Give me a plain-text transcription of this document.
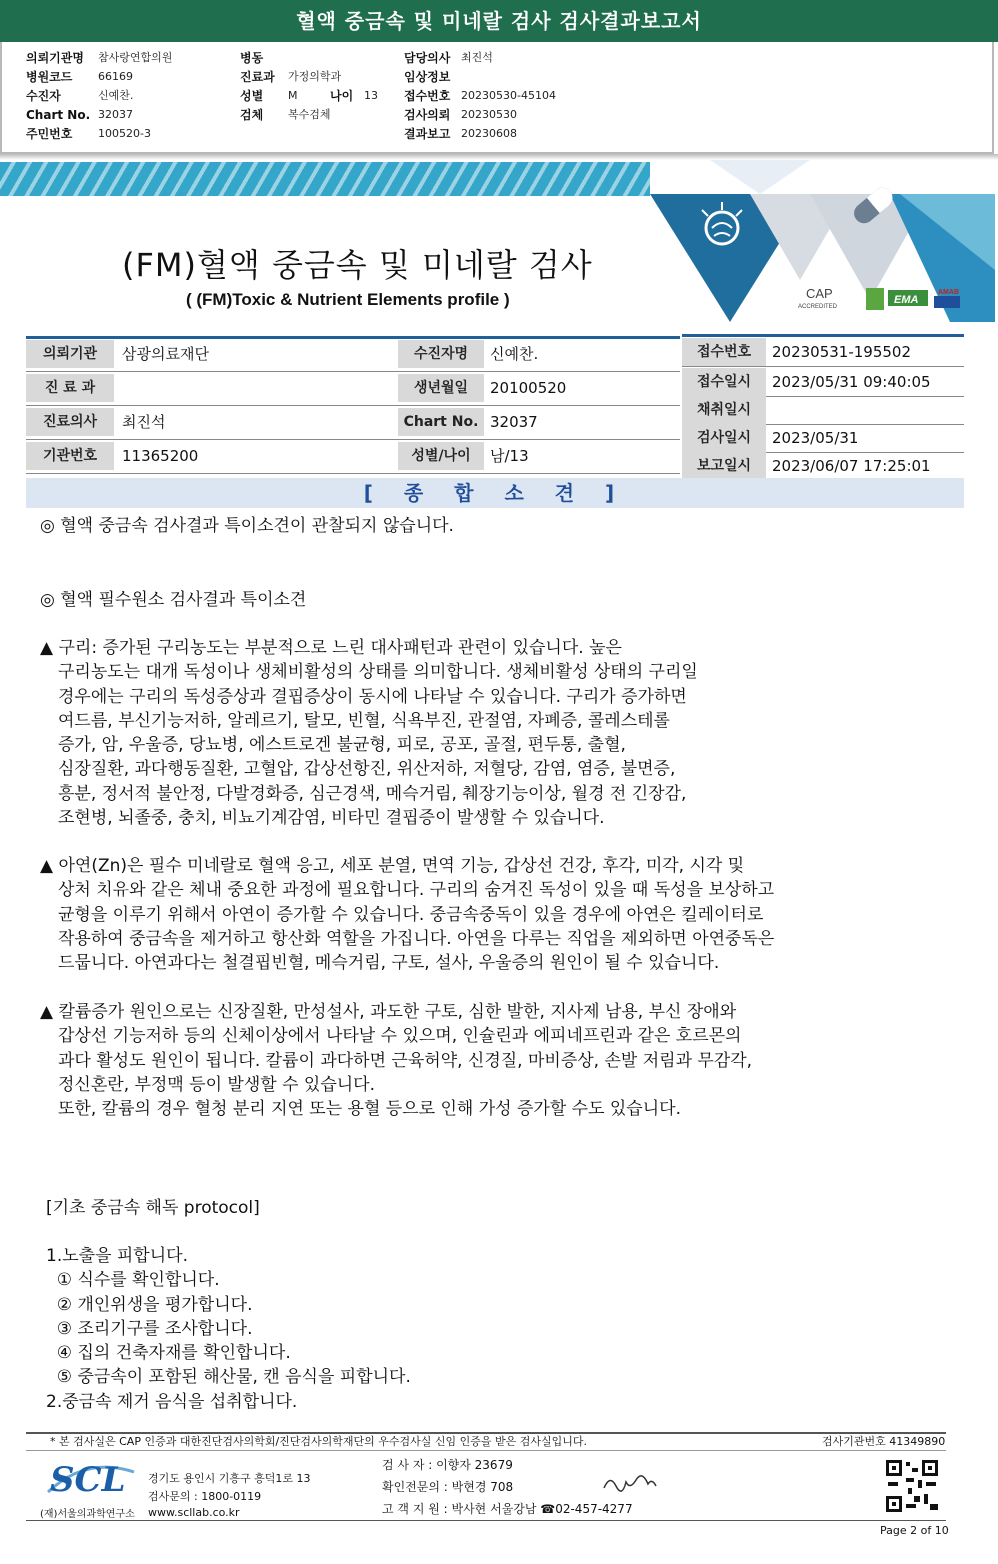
혈액 중금속 및 미네랄 검사 검사결과보고서
의뢰기관명 참사랑연합의원
병원코드 66169
수진자	신예찬.
Chart No. 32037
주민번호 100520-3
병동
진료과 가정의학과
성별 M
검체 복수검체
담당의사 최진석
임상정보
접수번호 20230530-45104
검사의뢰 20230530
결과보고 20230608
나이 13
CAP
ACCREDITED
EMA
AMAB
(FM)혈액 중금속 및 미네랄 검사
( (FM)Toxic & Nutrient Elements profile )
의뢰기관	삼광의료재단
진 료 과
진료의사	최진석
기관번호	11365200
수진자명	신예찬.
생년월일	20100520
Chart No. 32037
성별/나이	남/13
접수번호	20230531-195502
접수일시	2023/05/31 09:40:05
채취일시
검사일시	2023/05/31
보고일시	2023/06/07 17:25:01
[ 종 합 소 견 ]
◎ 혈액 중금속 검사결과 특이소견이 관찰되지 않습니다.
◎ 혈액 필수원소 검사결과 특이소견
▲ 구리: 증가된 구리농도는 부분적으로 느린 대사패턴과 관련이 있습니다. 높은
구리농도는 대개 독성이나 생체비활성의 상태를 의미합니다. 생체비활성 상태의 구리일
경우에는 구리의 독성증상과 결핍증상이 동시에 나타날 수 있습니다. 구리가 증가하면
여드름, 부신기능저하, 알레르기, 탈모, 빈혈, 식욕부진, 관절염, 자폐증, 콜레스테롤
증가, 암, 우울증, 당뇨병, 에스트로겐 불균형, 피로, 공포, 골절, 편두통, 출혈,
심장질환, 과다행동질환, 고혈압, 갑상선항진, 위산저하, 저혈당, 감염, 염증, 불면증,
흥분, 정서적 불안정, 다발경화증, 심근경색, 메슥거림, 췌장기능이상, 월경 전 긴장감,
조현병, 뇌졸중, 충치, 비뇨기계감염, 비타민 결핍증이 발생할 수 있습니다.
▲ 아연(Zn)은 필수 미네랄로 혈액 응고, 세포 분열, 면역 기능, 갑상선 건강, 후각, 미각, 시각 및
상처 치유와 같은 체내 중요한 과정에 필요합니다. 구리의 숨겨진 독성이 있을 때 독성을 보상하고
균형을 이루기 위해서 아연이 증가할 수 있습니다. 중금속중독이 있을 경우에 아연은 킬레이터로
작용하여 중금속을 제거하고 항산화 역할을 가집니다. 아연을 다루는 직업을 제외하면 아연중독은
드뭅니다. 아연과다는 철결핍빈혈, 메슥거림, 구토, 설사, 우울증의 원인이 될 수 있습니다.
▲ 칼륨증가 원인으로는 신장질환, 만성설사, 과도한 구토, 심한 발한, 지사제 남용, 부신 장애와
갑상선 기능저하 등의 신체이상에서 나타날 수 있으며, 인슐린과 에피네프린과 같은 호르몬의
과다 활성도 원인이 됩니다. 칼륨이 과다하면 근육허약, 신경질, 마비증상, 손발 저림과 무감각,
정신혼란, 부정맥 등이 발생할 수 있습니다.
또한, 칼륨의 경우 혈청 분리 지연 또는 용혈 등으로 인해 가성 증가할 수도 있습니다.
[기초 중금속 해독 protocol]
1.노출을 피합니다.
① 식수를 확인합니다.
② 개인위생을 평가합니다.
③ 조리기구를 조사합니다.
④ 집의 건축자재를 확인합니다.
⑤ 중금속이 포함된 해산물, 캔 음식을 피합니다.
2.중금속 제거 음식을 섭취합니다.
* 본 검사실은 CAP 인증과 대한진단검사의학회/진단검사의학재단의 우수검사실 신임 인증을 받은 검사실입니다.	검사기관번호 41349890
SCL
(재)서울의과학연구소
경기도 용인시 기흥구 흥덕1로 13
검사문의 : 1800-0119
www.scllab.co.kr
검 사 자 : 이향자 23679
확인전문의 : 박현경 708
고 객 지 원 : 박사현 서울강남 ☎02-457-4277
Page 2 of 10
